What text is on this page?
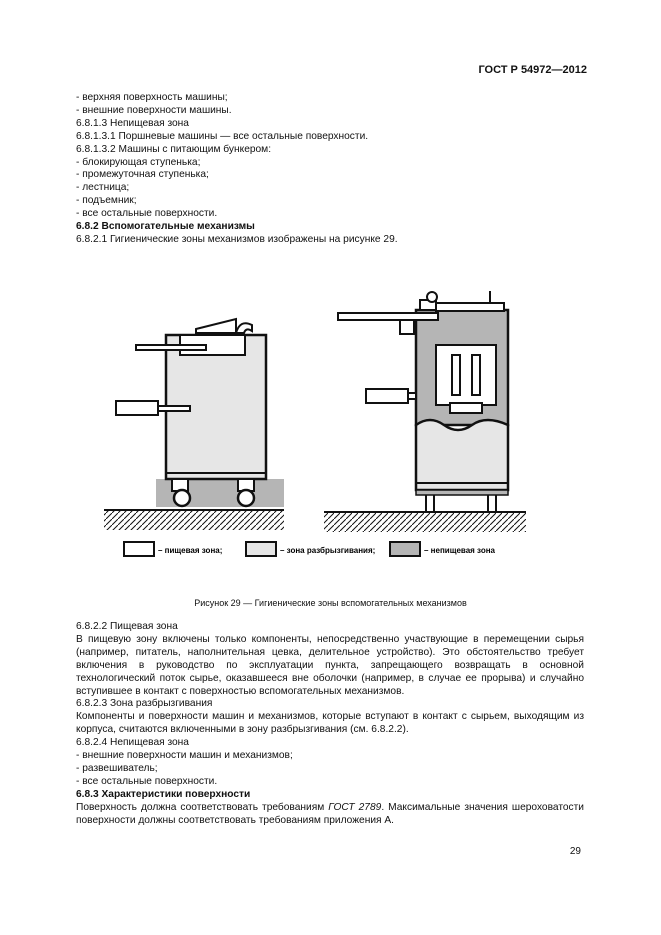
ГОСТ Р 54972—2012

- верхняя поверхность машины;

- внешние поверхности машины.

6.8.1.3 Непищевая зона

6.8.1.3.1 Поршневые машины — все остальные поверхности.

6.8.1.3.2 Машины с питающим бункером:

- блокирующая ступенька;

- промежуточная ступенька;

- лестница;

- подъемник;

- все остальные поверхности.

6.8.2 Вспомогательные механизмы

6.8.2.1 Гигиенические зоны механизмов изображены на рисунке 29.

– пищевая зона;	– зона разбрызгивания;	– непищевая зона
Рисунок 29 — Гигиенические зоны вспомогательных механизмов

6.8.2.2 Пищевая зона

В пищевую зону включены только компоненты, непосредственно участвующие в перемещении сырья (например, питатель, наполнительная цевка, делительное устройство). Это обстоятельство требует включения в руководство по эксплуатации пункта, запрещающего возвращать в основной технологический поток сырье, оказавшееся вне оболочки (например, в случае ее прорыва) и случайно вступившее в контакт с поверхностью вспомогательных механизмов.

6.8.2.3 Зона разбрызгивания

Компоненты и поверхности машин и механизмов, которые вступают в контакт с сырьем, выходящим из корпуса, считаются включенными в зону разбрызгивания (см. 6.8.2.2).

6.8.2.4 Непищевая зона

- внешние поверхности машин и механизмов;

- развешиватель;

- все остальные поверхности.

6.8.3 Характеристики поверхности

Поверхность должна соответствовать требованиям ГОСТ 2789. Максимальные значения шероховатости поверхности должны соответствовать требованиям приложения А.

29
